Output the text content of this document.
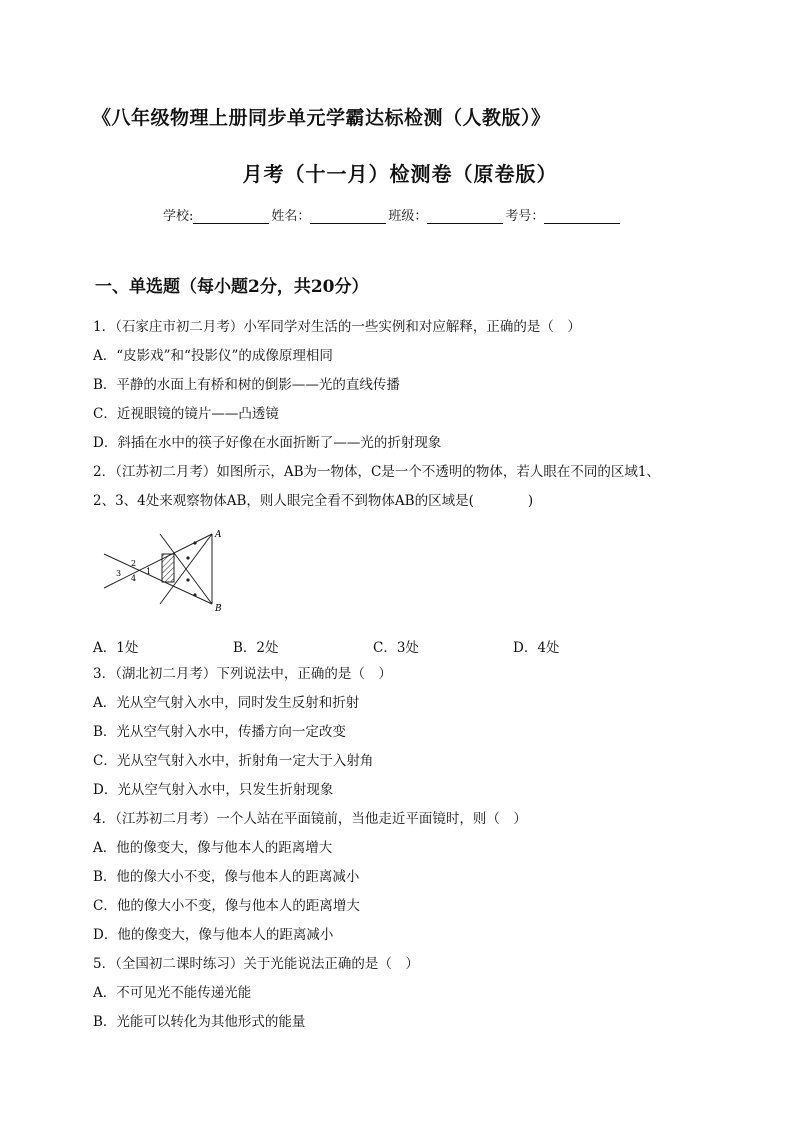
《八年级物理上册同步单元学霸达标检测（人教版）》
月考（十一月）检测卷（原卷版）
学校:	姓名：	班级：	考号：
一、单选题（每小题2分，共20分）
1．（石家庄市初二月考）小军同学对生活的一些实例和对应解释，正确的是（　）
A．“皮影戏”和“投影仪”的成像原理相同
B．平静的水面上有桥和树的倒影——光的直线传播
C．近视眼镜的镜片——凸透镜
D．斜插在水中的筷子好像在水面折断了——光的折射现象
2．（江苏初二月考）如图所示，AB为一物体，C是一个不透明的物体，若人眼在不同的区域1、
2、3、4处来观察物体AB，则人眼完全看不到物体AB的区域是(　　　　)
A
B
1
2
3
4
A．1处	B．2处	C．3处	D．4处
3．（湖北初二月考）下列说法中，正确的是（　）
A．光从空气射入水中，同时发生反射和折射
B．光从空气射入水中，传播方向一定改变
C．光从空气射入水中，折射角一定大于入射角
D．光从空气射入水中，只发生折射现象
4．（江苏初二月考）一个人站在平面镜前，当他走近平面镜时，则（　）
A．他的像变大，像与他本人的距离增大
B．他的像大小不变，像与他本人的距离减小
C．他的像大小不变，像与他本人的距离增大
D．他的像变大，像与他本人的距离减小
5．（全国初二课时练习）关于光能说法正确的是（　）
A．不可见光不能传递光能
B．光能可以转化为其他形式的能量
